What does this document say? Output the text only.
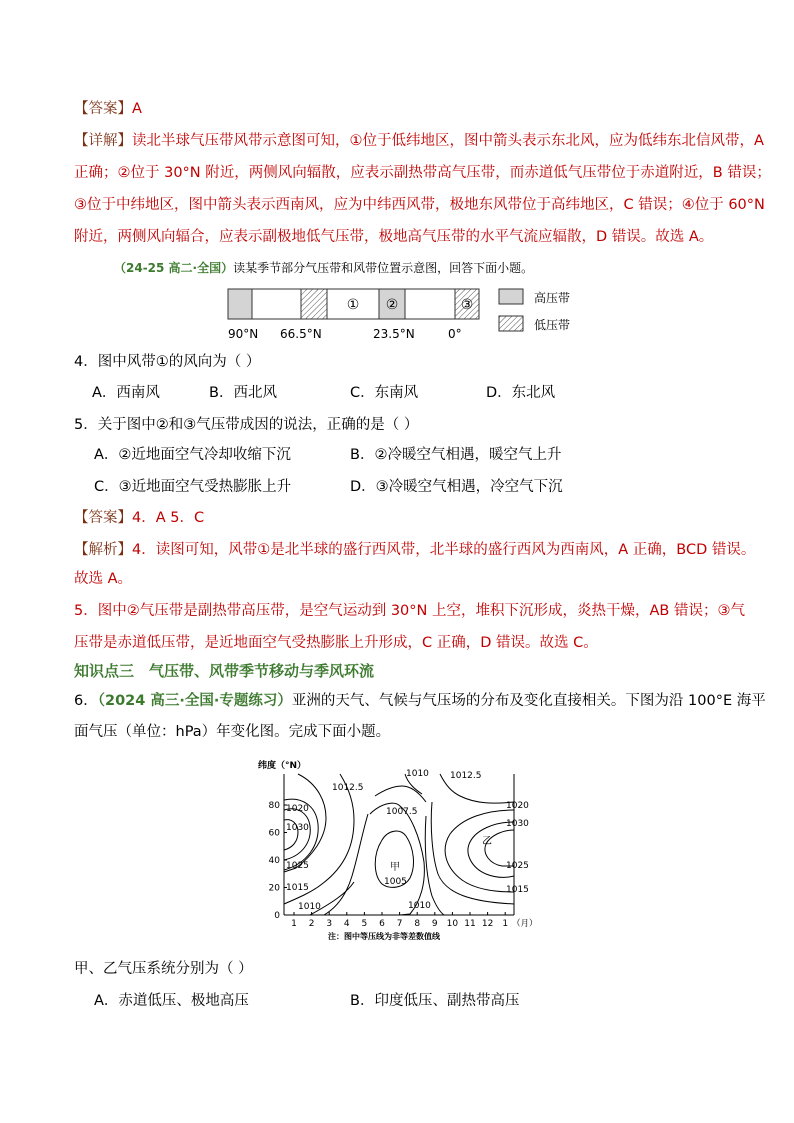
【答案】A
【详解】读北半球气压带风带示意图可知，①位于低纬地区，图中箭头表示东北风，应为低纬东北信风带，A
正确；②位于 30°N 附近，两侧风向辐散，应表示副热带高气压带，而赤道低气压带位于赤道附近，B 错误；
③位于中纬地区，图中箭头表示西南风，应为中纬西风带，极地东风带位于高纬地区，C 错误；④位于 60°N
附近，两侧风向辐合，应表示副极地低气压带，极地高气压带的水平气流应辐散，D 错误。故选 A。
（24-25 高二·全国）读某季节部分气压带和风带位置示意图，回答下面小题。
① ②	③
90°N 66.5°N	23.5°N	0°
高压带
低压带
4．图中风带①的风向为（ ）
A．西南风	B．西北风	C．东南风	D．东北风
5．关于图中②和③气压带成因的说法，正确的是（ ）
A．②近地面空气冷却收缩下沉	B．②冷暖空气相遇，暖空气上升
C．③近地面空气受热膨胀上升	D．③冷暖空气相遇，冷空气下沉
【答案】4．A 5．C
【解析】4．读图可知，风带①是北半球的盛行西风带，北半球的盛行西风为西南风，A 正确，BCD 错误。
故选 A。
5．图中②气压带是副热带高压带，是空气运动到 30°N 上空，堆积下沉形成，炎热干燥，AB 错误；③气
压带是赤道低压带，是近地面空气受热膨胀上升形成，C 正确，D 错误。故选 C。
知识点三　气压带、风带季节移动与季风环流
6．（2024 高三·全国·专题练习）亚洲的天气、气候与气压场的分布及变化直接相关。下图为沿 100°E 海平
面气压（单位：hPa）年变化图。完成下面小题。
纬度（°N）
0
20
40
60
80
1 2 3 4 5 6 7 8 9 10 11 12 1
1012.5
1010 1012.5
1007.5
1020
1030
1025
1015
1010
甲
1005
1010
1020
1030
乙
1025
1015
（月）
注：图中等压线为非等差数值线
甲、乙气压系统分别为（ ）
A．赤道低压、极地高压	B．印度低压、副热带高压
